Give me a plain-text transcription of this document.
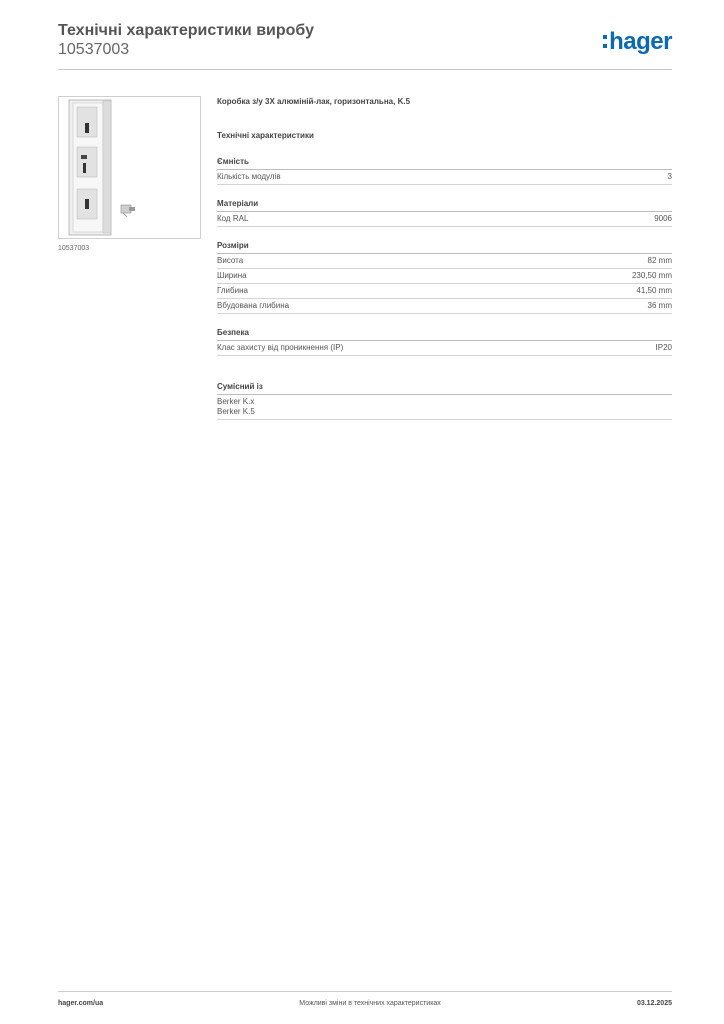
Технічні характеристики виробу
10537003	hager
10537003
Коробка з/у 3Х алюміній-лак, горизонтальна, K.5
Технічні характеристики
Ємність
Кількість модулів	3
Матеріали
Код RAL	9006
Розміри
Висота	82 mm
Ширина	230,50 mm
Глибина	41,50 mm
Вбудована глибина	36 mm
Безпека
Клас захисту від проникнення (IP)	IP20
Сумісний із
Berker K.x
Berker K.5
hager.com/ua	Можливі зміни в технічних характеристиках	03.12.2025
